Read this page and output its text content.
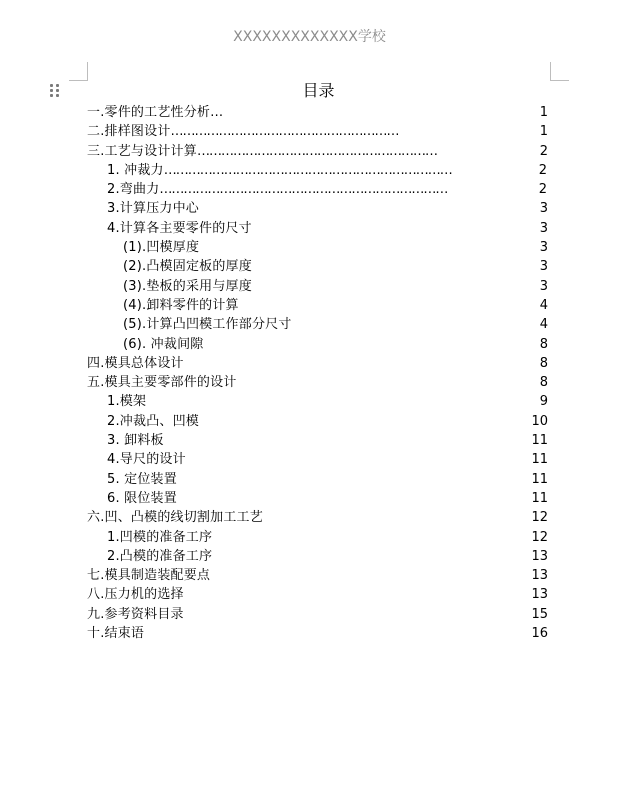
XXXXXXXXXXXXX学校
目录
一.零件的工艺性分析…	1
二.排样图设计…………………………………………………	1
三.工艺与设计计算……………………………………………………	2
1. 冲裁力………………………………………………………………	2
2.弯曲力………………………………………………………………	2
3.计算压力中心	3
4.计算各主要零件的尺寸	3
(1).凹模厚度	3
(2).凸模固定板的厚度	3
(3).垫板的采用与厚度	3
(4).卸料零件的计算	4
(5).计算凸凹模工作部分尺寸	4
(6). 冲裁间隙	8
四.模具总体设计	8
五.模具主要零部件的设计	8
1.模架	9
2.冲裁凸、凹模	10
3. 卸料板	11
4.导尺的设计	11
5. 定位装置	11
6. 限位装置	11
六.凹、凸模的线切割加工工艺	12
1.凹模的准备工序	12
2.凸模的准备工序	13
七.模具制造装配要点	13
八.压力机的选择	13
九.参考资料目录	15
十.结束语	16
